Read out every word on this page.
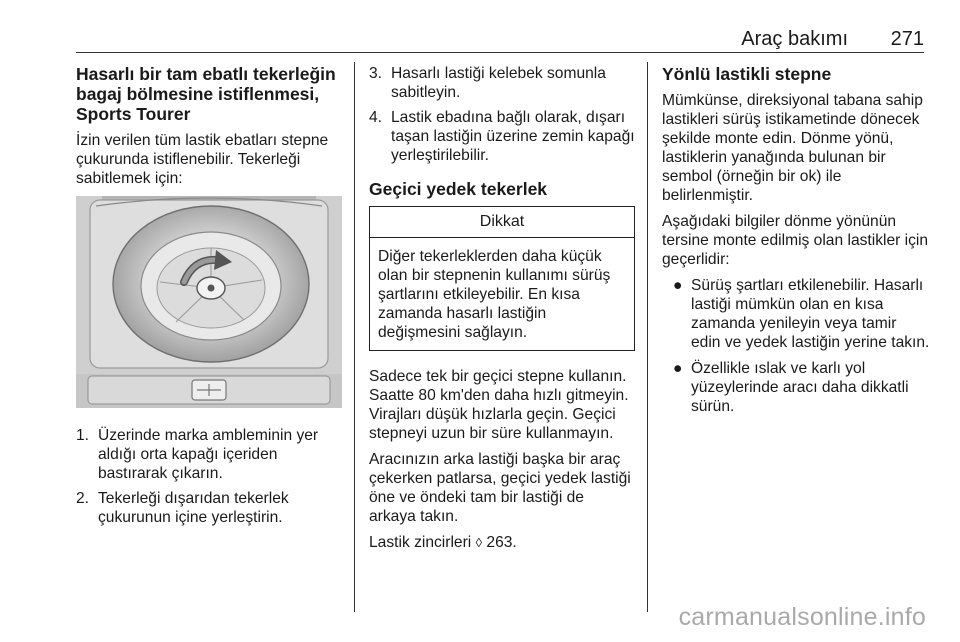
Araç bakımı 271
Hasarlı bir tam ebatlı tekerleğin bagaj bölmesine istiflenmesi, Sports Tourer

İzin verilen tüm lastik ebatları stepne çukurunda istiflenebilir. Tekerleği sabitlemek için:

1. Üzerinde marka ambleminin yer aldığı orta kapağı içeriden bastırarak çıkarın.
2. Tekerleği dışarıdan tekerlek çukurunun içine yerleştirin.
3. Hasarlı lastiği kelebek somunla sabitleyin.
4. Lastik ebadına bağlı olarak, dışarı taşan lastiğin üzerine zemin kapağı yerleştirilebilir.
Geçici yedek tekerlek
Dikkat
Diğer tekerleklerden daha küçük olan bir stepnenin kullanımı sürüş şartlarını etkileyebilir. En kısa zamanda hasarlı lastiğin değişmesini sağlayın.

Sadece tek bir geçici stepne kullanın. Saatte 80 km'den daha hızlı gitmeyin. Virajları düşük hızlarla geçin. Geçici stepneyi uzun bir süre kullanmayın.

Aracınızın arka lastiği başka bir araç çekerken patlarsa, geçici yedek lastiği öne ve öndeki tam bir lastiği de arkaya takın.

Lastik zincirleri ◊ 263.

Yönlü lastikli stepne

Mümkünse, direksiyonal tabana sahip lastikleri sürüş istikametinde dönecek şekilde monte edin. Dönme yönü, lastiklerin yanağında bulunan bir sembol (örneğin bir ok) ile belirlenmiştir.

Aşağıdaki bilgiler dönme yönünün tersine monte edilmiş olan lastikler için geçerlidir:

● Sürüş şartları etkilenebilir. Hasarlı lastiği mümkün olan en kısa zamanda yenileyin veya tamir edin ve yedek lastiğin yerine takın.
● Özellikle ıslak ve karlı yol yüzeylerinde aracı daha dikkatli sürün.
carmanualsonline.info
